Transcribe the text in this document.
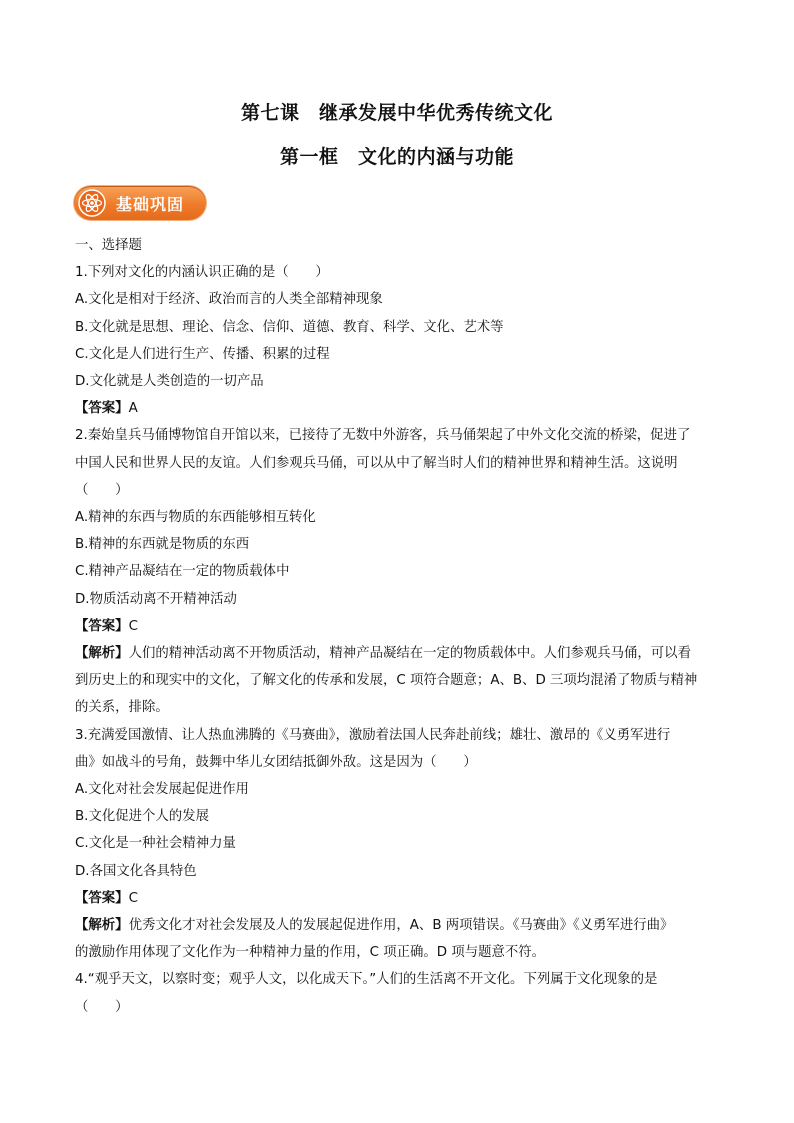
第七课　继承发展中华优秀传统文化
第一框　文化的内涵与功能
基础巩固
一、选择题
1.下列对文化的内涵认识正确的是（　　）
A.文化是相对于经济、政治而言的人类全部精神现象
B.文化就是思想、理论、信念、信仰、道德、教育、科学、文化、艺术等
C.文化是人们进行生产、传播、积累的过程
D.文化就是人类创造的一切产品
【答案】A
2.秦始皇兵马俑博物馆自开馆以来，已接待了无数中外游客，兵马俑架起了中外文化交流的桥梁，促进了
中国人民和世界人民的友谊。人们参观兵马俑，可以从中了解当时人们的精神世界和精神生活。这说明
（　　）
A.精神的东西与物质的东西能够相互转化
B.精神的东西就是物质的东西
C.精神产品凝结在一定的物质载体中
D.物质活动离不开精神活动
【答案】C
【解析】人们的精神活动离不开物质活动，精神产品凝结在一定的物质载体中。人们参观兵马俑，可以看
到历史上的和现实中的文化，了解文化的传承和发展，C 项符合题意；A、B、D 三项均混淆了物质与精神
的关系，排除。
3.充满爱国激情、让人热血沸腾的《马赛曲》，激励着法国人民奔赴前线；雄壮、激昂的《义勇军进行
曲》如战斗的号角，鼓舞中华儿女团结抵御外敌。这是因为（　　）
A.文化对社会发展起促进作用
B.文化促进个人的发展
C.文化是一种社会精神力量
D.各国文化各具特色
【答案】C
【解析】优秀文化才对社会发展及人的发展起促进作用，A、B 两项错误。《马赛曲》《义勇军进行曲》
的激励作用体现了文化作为一种精神力量的作用，C 项正确。D 项与题意不符。
4.“观乎天文，以察时变；观乎人文，以化成天下。”人们的生活离不开文化。下列属于文化现象的是
（　　）
